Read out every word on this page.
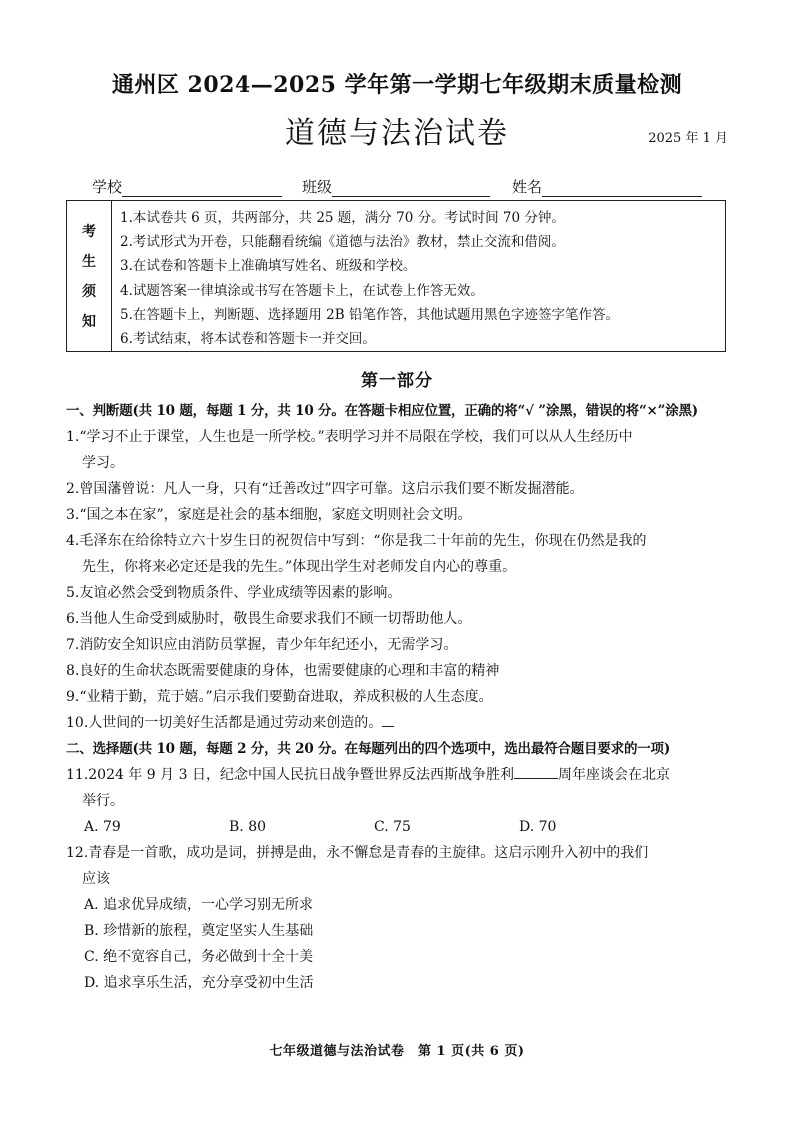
通州区 2024—2025 学年第一学期七年级期末质量检测
道德与法治试卷	2025 年 1 月
学校	班级	姓名
考
生
须
知
1.本试卷共 6 页，共两部分，共 25 题，满分 70 分。考试时间 70 分钟。
2.考试形式为开卷，只能翻看统编《道德与法治》教材，禁止交流和借阅。
3.在试卷和答题卡上准确填写姓名、班级和学校。
4.试题答案一律填涂或书写在答题卡上，在试卷上作答无效。
5.在答题卡上，判断题、选择题用 2B 铅笔作答，其他试题用黑色字迹签字笔作答。
6.考试结束，将本试卷和答题卡一并交回。
第一部分
一、判断题(共 10 题，每题 1 分，共 10 分。在答题卡相应位置，正确的将“√ ”涂黑，错误的将“×”涂黑)
1.“学习不止于课堂，人生也是一所学校。”表明学习并不局限在学校，我们可以从人生经历中
学习。
2.曾国藩曾说：凡人一身，只有“迁善改过”四字可靠。这启示我们要不断发掘潜能。
3.“国之本在家”，家庭是社会的基本细胞，家庭文明则社会文明。
4.毛泽东在给徐特立六十岁生日的祝贺信中写到：“你是我二十年前的先生，你现在仍然是我的
先生，你将来必定还是我的先生。”体现出学生对老师发自内心的尊重。
5.友谊必然会受到物质条件、学业成绩等因素的影响。
6.当他人生命受到威胁时，敬畏生命要求我们不顾一切帮助他人。
7.消防安全知识应由消防员掌握，青少年年纪还小，无需学习。
8.良好的生命状态既需要健康的身体，也需要健康的心理和丰富的精神
9.“业精于勤，荒于嬉。”启示我们要勤奋进取，养成积极的人生态度。
10.人世间的一切美好生活都是通过劳动来创造的。
二、选择题(共 10 题，每题 2 分，共 20 分。在每题列出的四个选项中，选出最符合题目要求的一项)
11.2024 年 9 月 3 日，纪念中国人民抗日战争暨世界反法西斯战争胜利	周年座谈会在北京
举行。
A. 79	B. 80	C. 75	D. 70
12.青春是一首歌，成功是词，拼搏是曲，永不懈怠是青春的主旋律。这启示刚升入初中的我们
应该
A. 追求优异成绩，一心学习别无所求
B. 珍惜新的旅程，奠定坚实人生基础
C. 绝不宽容自己，务必做到十全十美
D. 追求享乐生活，充分享受初中生活
七年级道德与法治试卷　第 1 页(共 6 页)
